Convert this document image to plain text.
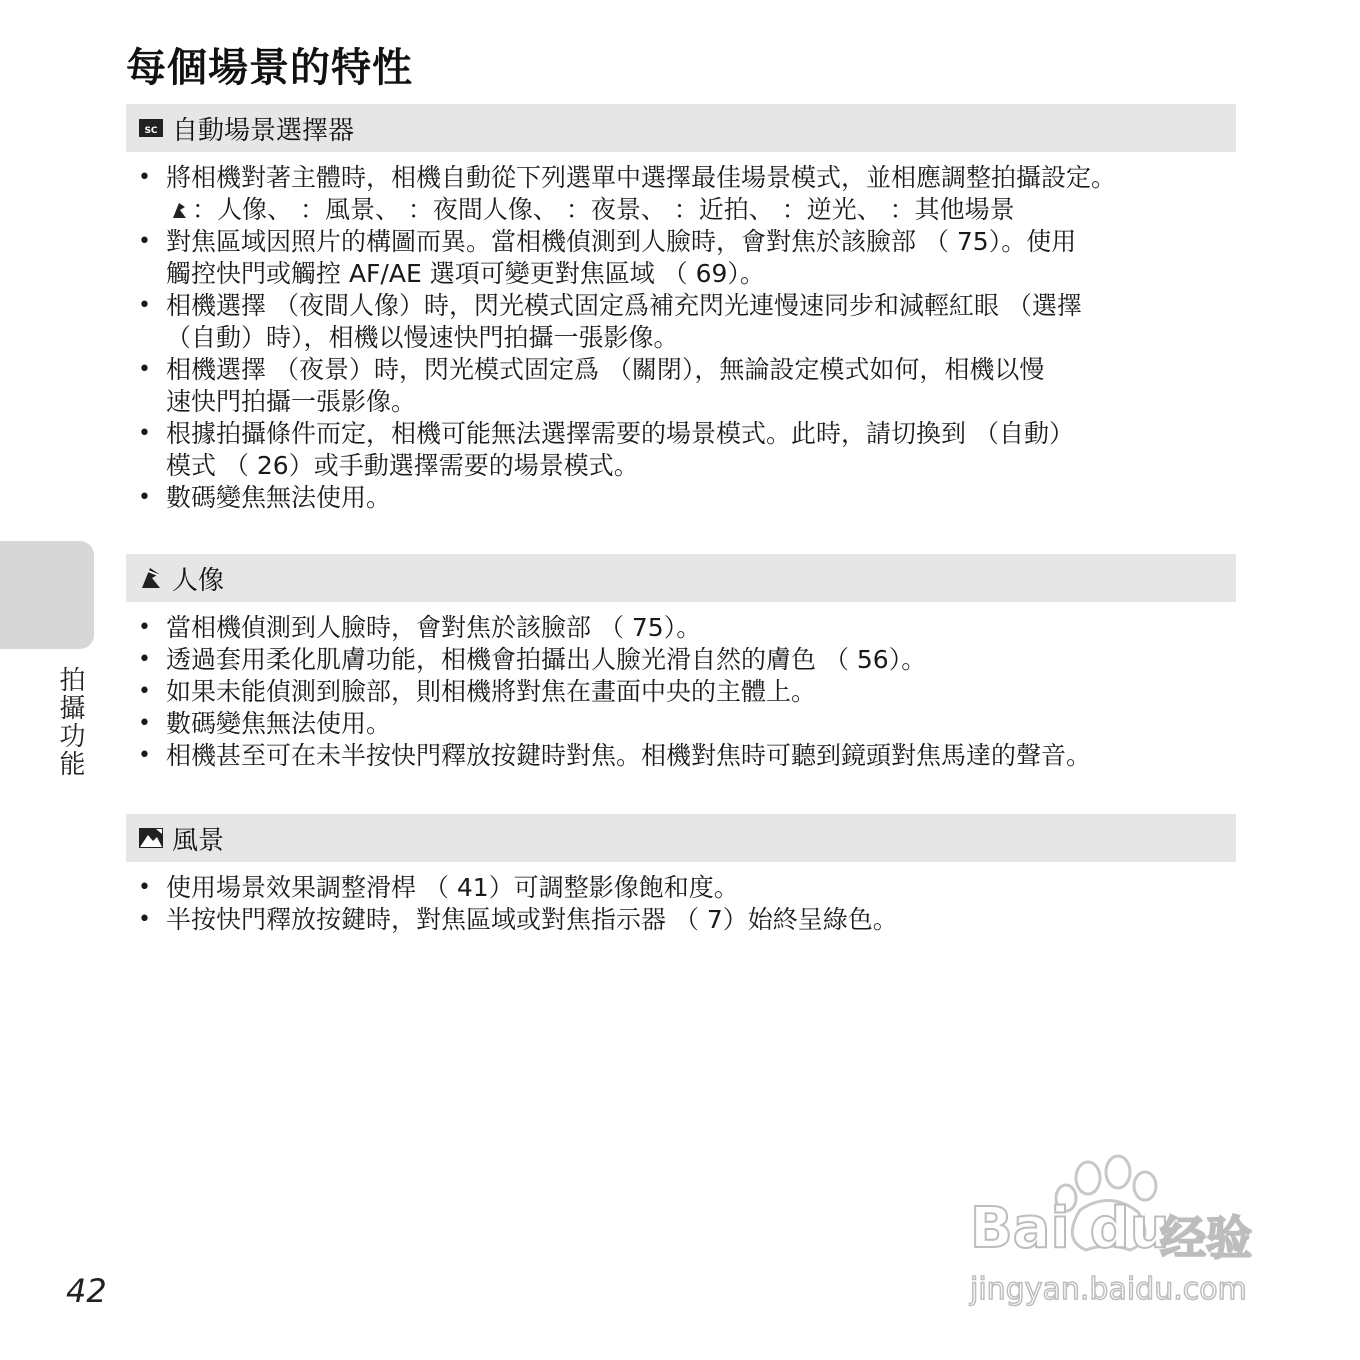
每個場景的特性
SC 自動場景選擇器
• 將相機對著主體時，相機自動從下列選單中選擇最佳場景模式，並相應調整拍攝設定。
：人像、 ：風景、 ：夜間人像、 ：夜景、 ：近拍、 ：逆光、 ：其他場景
• 對焦區域因照片的構圖而異。當相機偵測到人臉時，會對焦於該臉部 （ 75）。使用
觸控快門或觸控 AF/AE 選項可變更對焦區域 （ 69）。
• 相機選擇 （夜間人像）時，閃光模式固定爲補充閃光連慢速同步和減輕紅眼 （選擇
（自動）時），相機以慢速快門拍攝一張影像。
• 相機選擇 （夜景）時，閃光模式固定爲 （關閉），無論設定模式如何，相機以慢
速快門拍攝一張影像。
• 根據拍攝條件而定，相機可能無法選擇需要的場景模式。此時，請切換到 （自動）
模式 （ 26）或手動選擇需要的場景模式。
• 數碼變焦無法使用。
人像
• 當相機偵測到人臉時，會對焦於該臉部 （ 75）。
• 透過套用柔化肌膚功能，相機會拍攝出人臉光滑自然的膚色 （ 56）。
• 如果未能偵測到臉部，則相機將對焦在畫面中央的主體上。
• 數碼變焦無法使用。
• 相機甚至可在未半按快門釋放按鍵時對焦。相機對焦時可聽到鏡頭對焦馬達的聲音。
風景
• 使用場景效果調整滑桿 （ 41）可調整影像飽和度。
• 半按快門釋放按鍵時，對焦區域或對焦指示器 （ 7）始終呈綠色。
拍攝功能
42
Bai du
经验
jingyan.baidu.com
